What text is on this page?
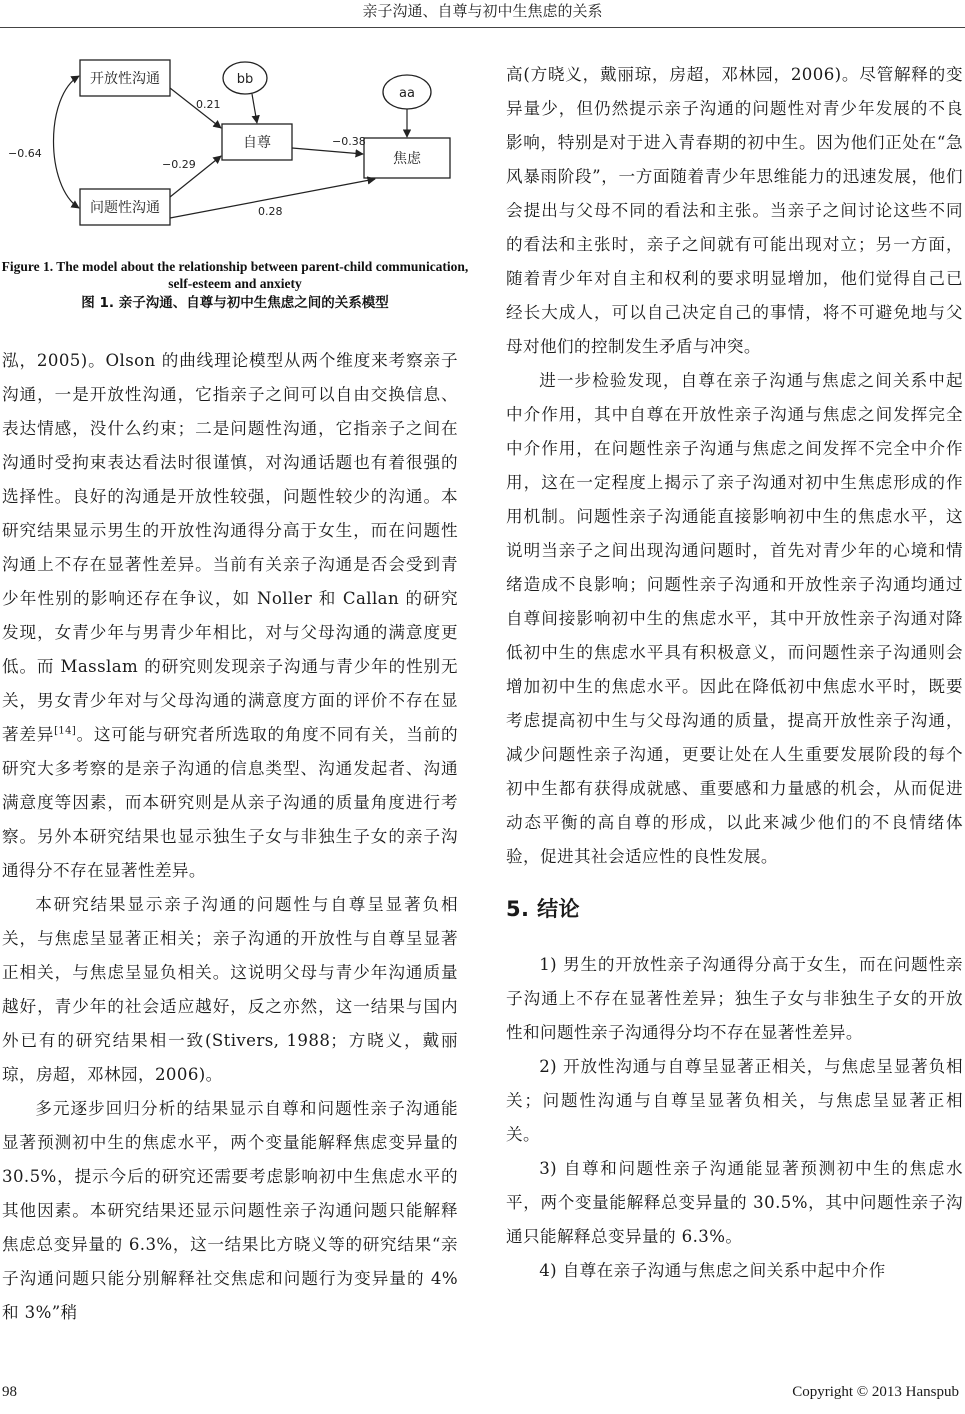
亲子沟通、自尊与初中生焦虑的关系
开放性沟通
问题性沟通
自尊
焦虑
bb
aa
0.21
−0.29
−0.38
0.28
−0.64
Figure 1. The model about the relationship between parent-child communication, self-esteem and anxiety
图 1. 亲子沟通、自尊与初中生焦虑之间的关系模型

泓，2005)。Olson 的曲线理论模型从两个维度来考察亲子沟通，一是开放性沟通，它指亲子之间可以自由交换信息、表达情感，没什么约束；二是问题性沟通，它指亲子之间在沟通时受拘束表达看法时很谨慎，对沟通话题也有着很强的选择性。良好的沟通是开放性较强，问题性较少的沟通。本研究结果显示男生的开放性沟通得分高于女生，而在问题性沟通上不存在显著性差异。当前有关亲子沟通是否会受到青少年性别的影响还存在争议，如 Noller 和 Callan 的研究发现，女青少年与男青少年相比，对与父母沟通的满意度更低。而 Masslam 的研究则发现亲子沟通与青少年的性别无关，男女青少年对与父母沟通的满意度方面的评价不存在显著差异[14]。这可能与研究者所选取的角度不同有关，当前的研究大多考察的是亲子沟通的信息类型、沟通发起者、沟通满意度等因素，而本研究则是从亲子沟通的质量角度进行考察。另外本研究结果也显示独生子女与非独生子女的亲子沟通得分不存在显著性差异。

本研究结果显示亲子沟通的问题性与自尊呈显著负相关，与焦虑呈显著正相关；亲子沟通的开放性与自尊呈显著正相关，与焦虑呈显负相关。这说明父母与青少年沟通质量越好，青少年的社会适应越好，反之亦然，这一结果与国内外已有的研究结果相一致(Stivers, 1988；方晓义，戴丽琼，房超，邓林园，2006)。

多元逐步回归分析的结果显示自尊和问题性亲子沟通能显著预测初中生的焦虑水平，两个变量能解释焦虑变异量的 30.5%，提示今后的研究还需要考虑影响初中生焦虑水平的其他因素。本研究结果还显示问题性亲子沟通问题只能解释焦虑总变异量的 6.3%，这一结果比方晓义等的研究结果“亲子沟通问题只能分别解释社交焦虑和问题行为变异量的 4%和 3%”稍

高(方晓义，戴丽琼，房超，邓林园，2006)。尽管解释的变异量少，但仍然提示亲子沟通的问题性对青少年发展的不良影响，特别是对于进入青春期的初中生。因为他们正处在“急风暴雨阶段”，一方面随着青少年思维能力的迅速发展，他们会提出与父母不同的看法和主张。当亲子之间讨论这些不同的看法和主张时，亲子之间就有可能出现对立；另一方面，随着青少年对自主和权利的要求明显增加，他们觉得自己已经长大成人，可以自己决定自己的事情，将不可避免地与父母对他们的控制发生矛盾与冲突。

进一步检验发现，自尊在亲子沟通与焦虑之间关系中起中介作用，其中自尊在开放性亲子沟通与焦虑之间发挥完全中介作用，在问题性亲子沟通与焦虑之间发挥不完全中介作用，这在一定程度上揭示了亲子沟通对初中生焦虑形成的作用机制。问题性亲子沟通能直接影响初中生的焦虑水平，这说明当亲子之间出现沟通问题时，首先对青少年的心境和情绪造成不良影响；问题性亲子沟通和开放性亲子沟通均通过自尊间接影响初中生的焦虑水平，其中开放性亲子沟通对降低初中生的焦虑水平具有积极意义，而问题性亲子沟通则会增加初中生的焦虑水平。因此在降低初中焦虑水平时，既要考虑提高初中生与父母沟通的质量，提高开放性亲子沟通，减少问题性亲子沟通，更要让处在人生重要发展阶段的每个初中生都有获得成就感、重要感和力量感的机会，从而促进动态平衡的高自尊的形成，以此来减少他们的不良情绪体验，促进其社会适应性的良性发展。

5. 结论

1) 男生的开放性亲子沟通得分高于女生，而在问题性亲子沟通上不存在显著性差异；独生子女与非独生子女的开放性和问题性亲子沟通得分均不存在显著性差异。

2) 开放性沟通与自尊呈显著正相关，与焦虑呈显著负相关；问题性沟通与自尊呈显著负相关，与焦虑呈显著正相关。

3) 自尊和问题性亲子沟通能显著预测初中生的焦虑水平，两个变量能解释总变异量的 30.5%，其中问题性亲子沟通只能解释总变异量的 6.3%。

4) 自尊在亲子沟通与焦虑之间关系中起中介作

98	Copyright © 2013 Hanspub
